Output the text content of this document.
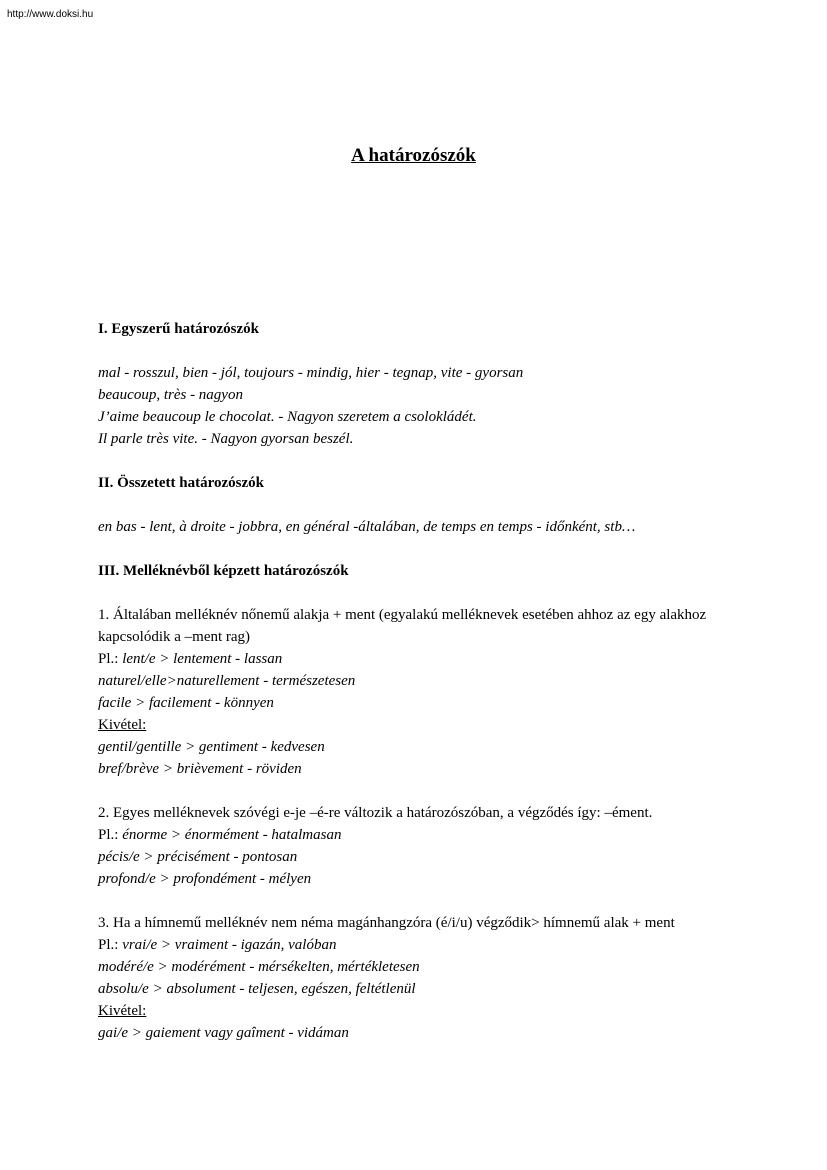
http://www.doksi.hu
A határozószók

I. Egyszerű határozószók

mal - rosszul, bien - jól, toujours - mindig, hier - tegnap, vite - gyorsan

beaucoup, très - nagyon

J’aime beaucoup le chocolat. - Nagyon szeretem a csolokládét.

Il parle très vite. - Nagyon gyorsan beszél.

II. Összetett határozószók

en bas - lent, à droite - jobbra, en général -általában, de temps en temps - időnként, stb…

III. Melléknévből képzett határozószók

1. Általában melléknév nőnemű alakja + ment (egyalakú melléknevek esetében ahhoz az egy alakhoz kapcsolódik a –ment rag)

Pl.: lent/e > lentement - lassan

naturel/elle>naturellement - természetesen

facile > facilement - könnyen

Kivétel:

gentil/gentille > gentiment - kedvesen

bref/brève > brièvement - röviden

2. Egyes melléknevek szóvégi e-je –é-re változik a határozószóban, a végződés így: –ément.

Pl.: énorme > énormément - hatalmasan

pécis/e > précisément - pontosan

profond/e > profondément - mélyen

3. Ha a hímnemű melléknév nem néma magánhangzóra (é/i/u) végződik> hímnemű alak + ment

Pl.: vrai/e > vraiment - igazán, valóban

modéré/e > modérément - mérsékelten, mértékletesen

absolu/e > absolument - teljesen, egészen, feltétlenül

Kivétel:

gai/e > gaiement vagy gaîment - vidáman
